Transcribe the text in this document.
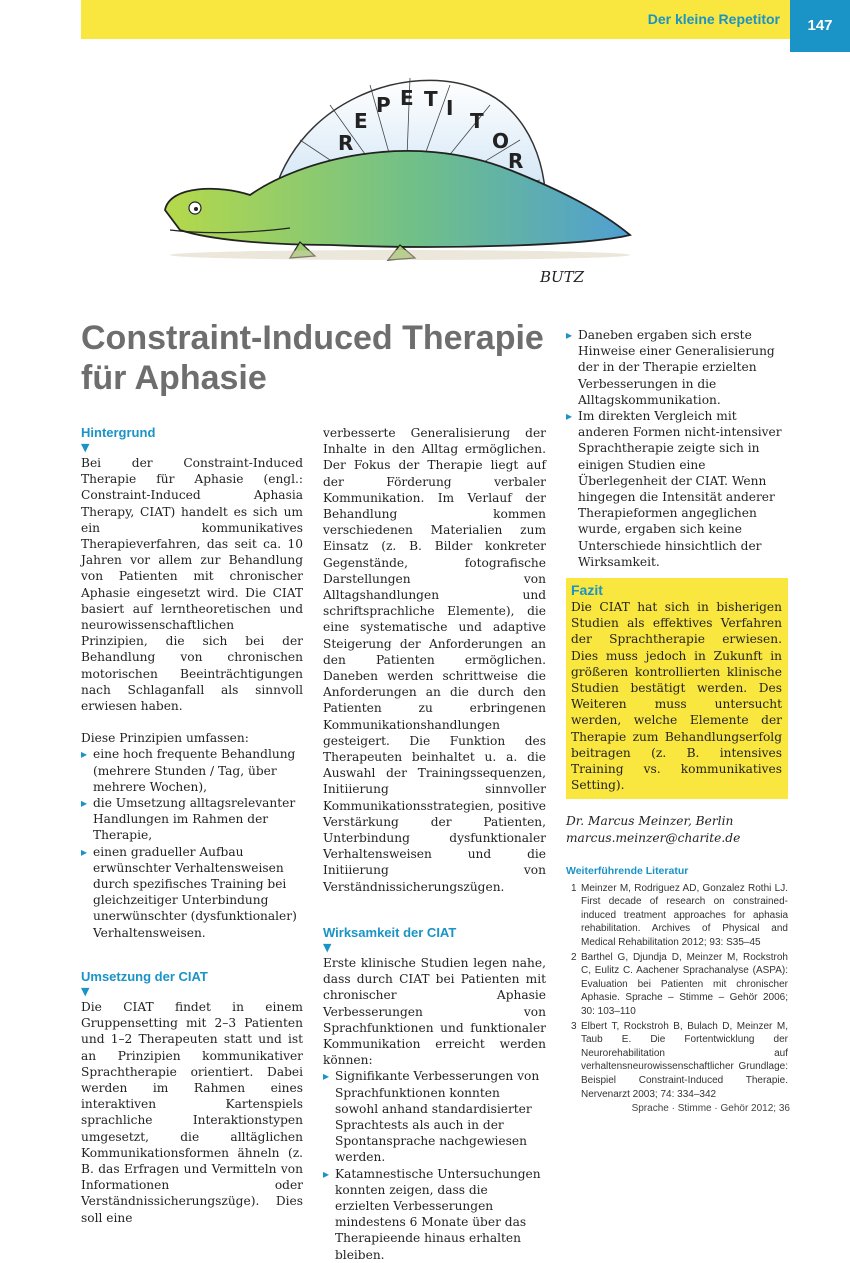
Der kleine Repetitor	147
R
E
P E T I
T
O
R
BUTZ
Constraint-Induced Therapie
für Aphasie
Hintergrund
▼

Bei der Constraint-Induced Therapie für Aphasie (engl.: Constraint-Induced Aphasia Therapy, CIAT) handelt es sich um ein kommunikatives Therapieverfahren, das seit ca. 10 Jahren vor allem zur Behandlung von Patienten mit chronischer Aphasie eingesetzt wird. Die CIAT basiert auf lerntheoretischen und neurowissenschaftlichen Prinzipien, die sich bei der Behandlung von chronischen motorischen Beeinträchtigungen nach Schlaganfall als sinnvoll erwiesen haben.

Diese Prinzipien umfassen:

▸ eine hoch frequente Behandlung (mehrere Stunden / Tag, über mehrere Wochen),
▸ die Umsetzung alltagsrelevanter Handlungen im Rahmen der Therapie,
▸ einen gradueller Aufbau erwünschter Verhaltensweisen durch spezifisches Training bei gleichzeitiger Unterbindung unerwünschter (dysfunktionaler) Verhaltensweisen.
Umsetzung der CIAT
▼

Die CIAT findet in einem Gruppensetting mit 2–3 Patienten und 1–2 Therapeuten statt und ist an Prinzipien kommunikativer Sprachtherapie orientiert. Dabei werden im Rahmen eines interaktiven Kartenspiels sprachliche Interaktionstypen umgesetzt, die alltäglichen Kommunikationsformen ähneln (z. B. das Erfragen und Vermitteln von Informationen oder Verständnissicherungszüge). Dies soll eine

verbesserte Generalisierung der Inhalte in den Alltag ermöglichen. Der Fokus der Therapie liegt auf der Förderung verbaler Kommunikation. Im Verlauf der Behandlung kommen verschiedenen Materialien zum Einsatz (z. B. Bilder konkreter Gegenstände, fotografische Darstellungen von Alltagshandlungen und schriftsprachliche Elemente), die eine systematische und adaptive Steigerung der Anforderungen an den Patienten ermöglichen. Daneben werden schrittweise die Anforderungen an die durch den Patienten zu erbringenen Kommunikationshandlungen gesteigert. Die Funktion des Therapeuten beinhaltet u. a. die Auswahl der Trainingssequenzen, Initiierung sinnvoller Kommunikationsstrategien, positive Verstärkung der Patienten, Unterbindung dysfunktionaler Verhaltensweisen und die Initiierung von Verständnissicherungszügen.

Wirksamkeit der CIAT
▼

Erste klinische Studien legen nahe, dass durch CIAT bei Patienten mit chronischer Aphasie Verbesserungen von Sprachfunktionen und funktionaler Kommunikation erreicht werden können:

▸ Signifikante Verbesserungen von Sprachfunktionen konnten sowohl anhand standardisierter Sprachtests als auch in der Spontansprache nachgewiesen werden.
▸ Katamnestische Untersuchungen konnten zeigen, dass die erzielten Verbesserungen mindestens 6 Monate über das Therapieende hinaus erhalten bleiben.
▸ Daneben ergaben sich erste Hinweise einer Generalisierung der in der Therapie erzielten Verbesserungen in die Alltagskommunikation.
▸ Im direkten Vergleich mit anderen Formen nicht-intensiver Sprachtherapie zeigte sich in einigen Studien eine Überlegenheit der CIAT. Wenn hingegen die Intensität anderer Therapieformen angeglichen wurde, ergaben sich keine Unterschiede hinsichtlich der Wirksamkeit.
Fazit

Die CIAT hat sich in bisherigen Studien als effektives Verfahren der Sprachtherapie erwiesen. Dies muss jedoch in Zukunft in größeren kontrollierten klinische Studien bestätigt werden. Des Weiteren muss untersucht werden, welche Elemente der Therapie zum Behandlungserfolg beitragen (z. B. intensives Training vs. kommunikatives Setting).

Dr. Marcus Meinzer, Berlin
marcus.meinzer@charite.de
Weiterführende Literatur
1 Meinzer M, Rodriguez AD, Gonzalez Rothi LJ. First decade of research on constrained-induced treatment approaches for aphasia rehabilitation. Archives of Physical and Medical Rehabilitation 2012; 93: S35–45
2 Barthel G, Djundja D, Meinzer M, Rockstroh C, Eulitz C. Aachener Sprachanalyse (ASPA): Evaluation bei Patienten mit chronischer Aphasie. Sprache – Stimme – Gehör 2006; 30: 103–110
3 Elbert T, Rockstroh B, Bulach D, Meinzer M, Taub E. Die Fortentwicklung der Neurorehabilitation auf verhaltensneurowissenschaftlicher Grundlage: Beispiel Constraint-Induced Therapie. Nervenarzt 2003; 74: 334–342
Sprache · Stimme · Gehör 2012; 36
